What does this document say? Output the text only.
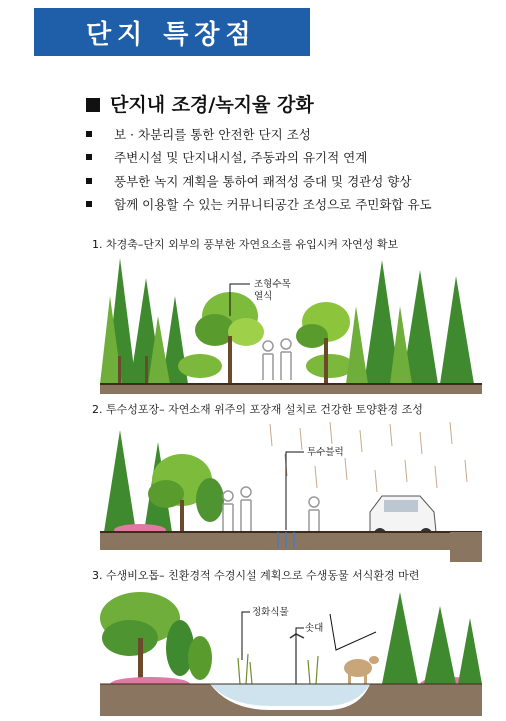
단지 특장점
단지내 조경/녹지율 강화
보 · 차분리를 통한 안전한 단지 조성
주변시설 및 단지내시설, 주동과의 유기적 연계
풍부한 녹지 계획을 통하여 쾌적성 증대 및 경관성 향상
함께 이용할 수 있는 커뮤니티공간 조성으로 주민화합 유도
1. 차경축–단지 외부의 풍부한 자연요소를 유입시켜 자연성 확보
조형수목
열식
2. 투수성포장– 자연소재 위주의 포장재 설치로 건강한 토양환경 조성
투수블럭
3. 수생비오톱– 친환경적 수경시설 계획으로 수생동물 서식환경 마련
정화식물
솟대
